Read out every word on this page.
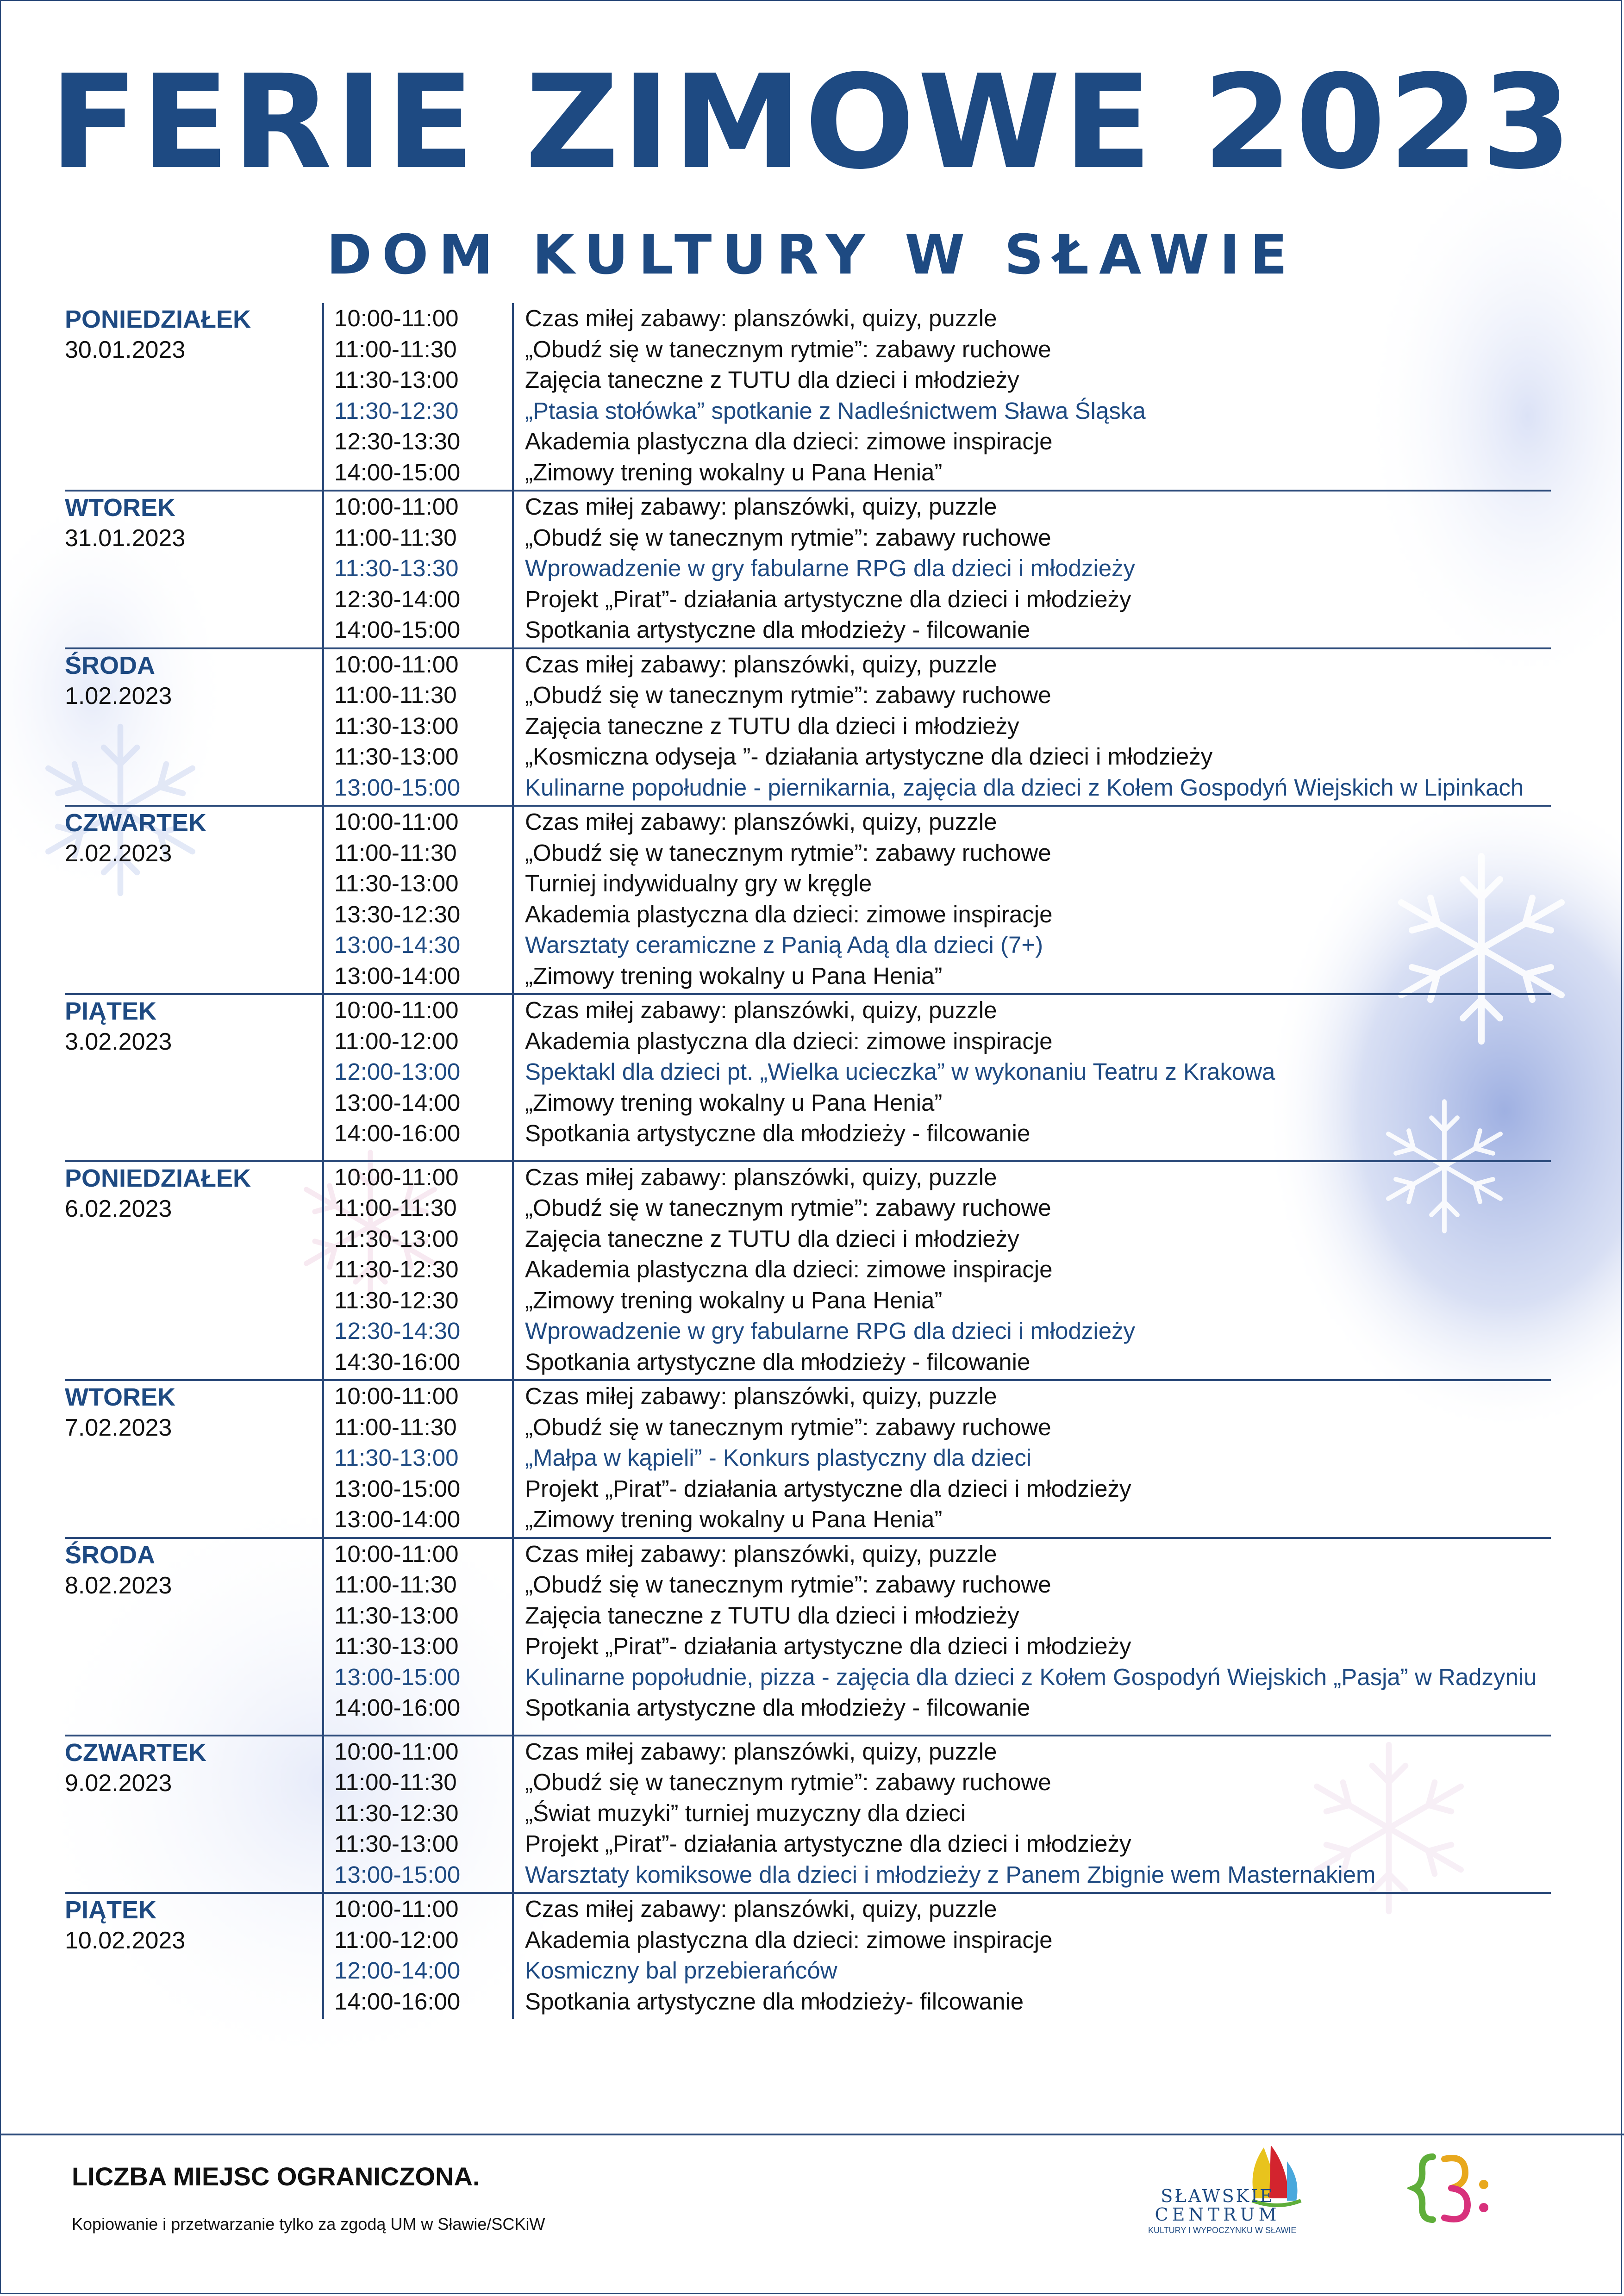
FERIE ZIMOWE 2023
DOM KULTURY W SŁAWIE
PONIEDZIAŁEK
30.01.2023
10:00-11:00	Czas miłej zabawy: planszówki, quizy, puzzle
11:00-11:30	„Obudź się w tanecznym rytmie”: zabawy ruchowe
11:30-13:00	Zajęcia taneczne z TUTU dla dzieci i młodzieży
11:30-12:30	„Ptasia stołówka” spotkanie z Nadleśnictwem Sława Śląska
12:30-13:30	Akademia plastyczna dla dzieci: zimowe inspiracje
14:00-15:00	„Zimowy trening wokalny u Pana Henia”
WTOREK
31.01.2023
10:00-11:00	Czas miłej zabawy: planszówki, quizy, puzzle
11:00-11:30	„Obudź się w tanecznym rytmie”: zabawy ruchowe
11:30-13:30	Wprowadzenie w gry fabularne RPG dla dzieci i młodzieży
12:30-14:00	Projekt „Pirat”- działania artystyczne dla dzieci i młodzieży
14:00-15:00	Spotkania artystyczne dla młodzieży - filcowanie
ŚRODA
1.02.2023
10:00-11:00	Czas miłej zabawy: planszówki, quizy, puzzle
11:00-11:30	„Obudź się w tanecznym rytmie”: zabawy ruchowe
11:30-13:00	Zajęcia taneczne z TUTU dla dzieci i młodzieży
11:30-13:00	„Kosmiczna odyseja ”- działania artystyczne dla dzieci i młodzieży
13:00-15:00	Kulinarne popołudnie - piernikarnia, zajęcia dla dzieci z Kołem Gospodyń Wiejskich w Lipinkach
CZWARTEK
2.02.2023
10:00-11:00	Czas miłej zabawy: planszówki, quizy, puzzle
11:00-11:30	„Obudź się w tanecznym rytmie”: zabawy ruchowe
11:30-13:00	Turniej indywidualny gry w kręgle
13:30-12:30	Akademia plastyczna dla dzieci: zimowe inspiracje
13:00-14:30	Warsztaty ceramiczne z Panią Adą dla dzieci (7+)
13:00-14:00	„Zimowy trening wokalny u Pana Henia”
PIĄTEK
3.02.2023
10:00-11:00	Czas miłej zabawy: planszówki, quizy, puzzle
11:00-12:00	Akademia plastyczna dla dzieci: zimowe inspiracje
12:00-13:00	Spektakl dla dzieci pt. „Wielka ucieczka” w wykonaniu Teatru z Krakowa
13:00-14:00	„Zimowy trening wokalny u Pana Henia”
14:00-16:00	Spotkania artystyczne dla młodzieży - filcowanie
PONIEDZIAŁEK
6.02.2023
10:00-11:00	Czas miłej zabawy: planszówki, quizy, puzzle
11:00-11:30	„Obudź się w tanecznym rytmie”: zabawy ruchowe
11:30-13:00	Zajęcia taneczne z TUTU dla dzieci i młodzieży
11:30-12:30	Akademia plastyczna dla dzieci: zimowe inspiracje
11:30-12:30	„Zimowy trening wokalny u Pana Henia”
12:30-14:30	Wprowadzenie w gry fabularne RPG dla dzieci i młodzieży
14:30-16:00	Spotkania artystyczne dla młodzieży - filcowanie
WTOREK
7.02.2023
10:00-11:00	Czas miłej zabawy: planszówki, quizy, puzzle
11:00-11:30	„Obudź się w tanecznym rytmie”: zabawy ruchowe
11:30-13:00	„Małpa w kąpieli” - Konkurs plastyczny dla dzieci
13:00-15:00	Projekt „Pirat”- działania artystyczne dla dzieci i młodzieży
13:00-14:00	„Zimowy trening wokalny u Pana Henia”
ŚRODA
8.02.2023
10:00-11:00	Czas miłej zabawy: planszówki, quizy, puzzle
11:00-11:30	„Obudź się w tanecznym rytmie”: zabawy ruchowe
11:30-13:00	Zajęcia taneczne z TUTU dla dzieci i młodzieży
11:30-13:00	Projekt „Pirat”- działania artystyczne dla dzieci i młodzieży
13:00-15:00	Kulinarne popołudnie, pizza - zajęcia dla dzieci z Kołem Gospodyń Wiejskich „Pasja” w Radzyniu
14:00-16:00	Spotkania artystyczne dla młodzieży - filcowanie
CZWARTEK
9.02.2023
10:00-11:00	Czas miłej zabawy: planszówki, quizy, puzzle
11:00-11:30	„Obudź się w tanecznym rytmie”: zabawy ruchowe
11:30-12:30	„Świat muzyki” turniej muzyczny dla dzieci
11:30-13:00	Projekt „Pirat”- działania artystyczne dla dzieci i młodzieży
13:00-15:00	Warsztaty komiksowe dla dzieci i młodzieży z Panem Zbignie wem Masternakiem
PIĄTEK
10.02.2023
10:00-11:00	Czas miłej zabawy: planszówki, quizy, puzzle
11:00-12:00	Akademia plastyczna dla dzieci: zimowe inspiracje
12:00-14:00	Kosmiczny bal przebierańców
14:00-16:00	Spotkania artystyczne dla młodzieży- filcowanie
LICZBA MIEJSC OGRANICZONA.
Kopiowanie i przetwarzanie tylko za zgodą UM w Sławie/SCKiW
SŁAWSKIE
CENTRUM
KULTURY I WYPOCZYNKU W SŁAWIE
